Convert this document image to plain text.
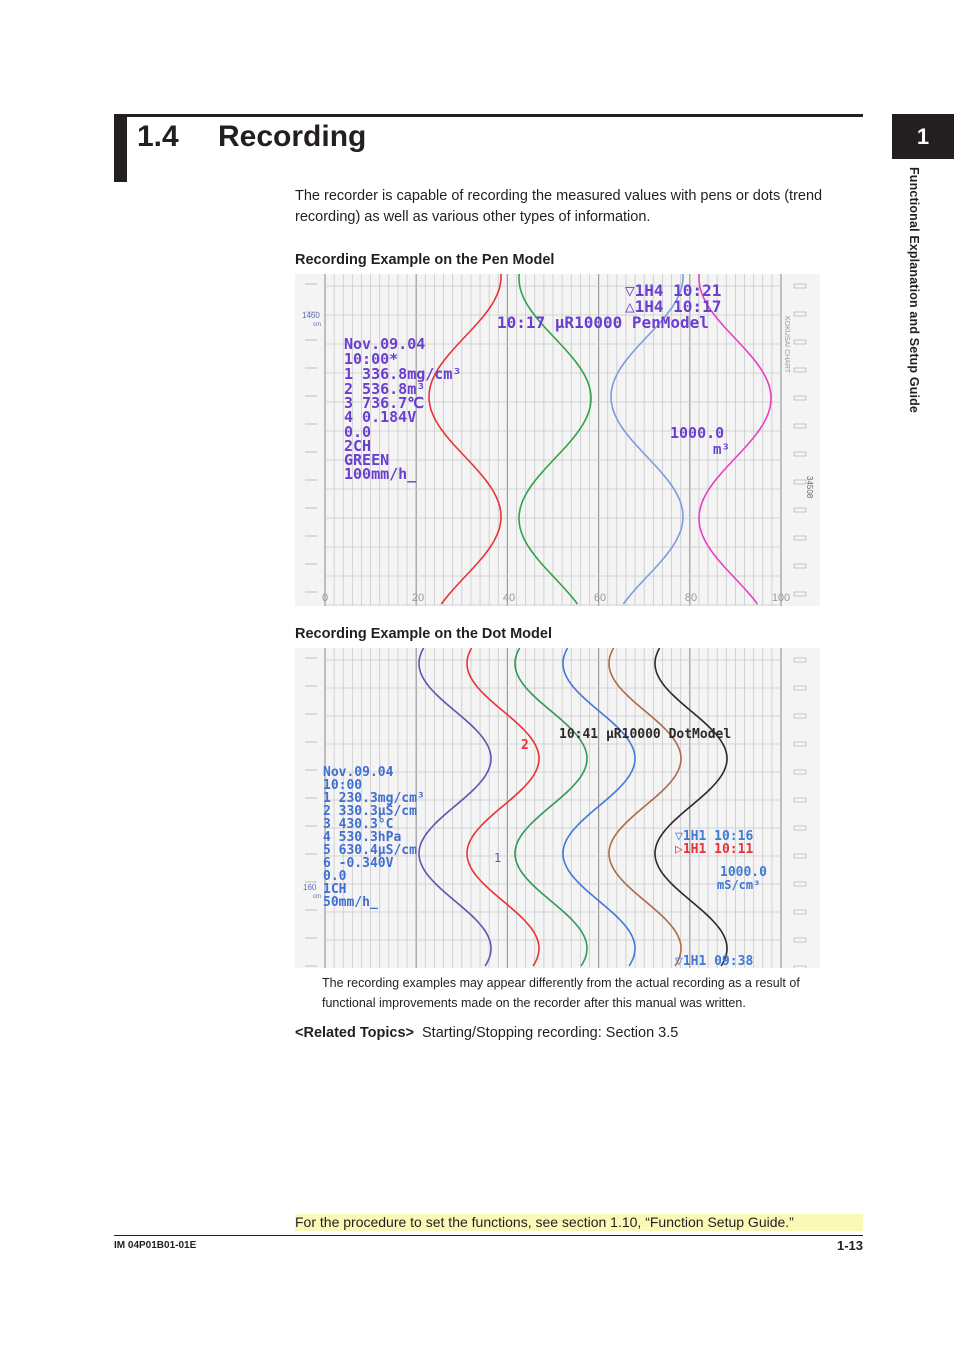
1.4 Recording	1
Functional Explanation and Setup Guide
The recorder is capable of recording the measured values with pens or dots (trend recording) as well as various other types of information.
Recording Example on the Pen Model
1460
cm	KOKUSAI CHART
34508
0	20	40	60	80	100
▽1H4 10:21
△1H4 10:17
10:17 μR10000 PenModel
Nov.09.04
10:00*
1 336.8mg/cm³
2 536.8m³
3 736.7℃
4 0.184V
0.0
2CH
GREEN
100mm/h_
1000.0
m³
Recording Example on the Dot Model
160
cm
10:41 μR10000 DotModel
2
1
Nov.09.04
10:00
1 230.3mg/cm³
2 330.3μS/cm
3 430.3°C
4 530.3hPa
5 630.4μS/cm
6 -0.340V
0.0
1CH
50mm/h_
▽1H1 10:16
▷1H1 10:11
1000.0
mS/cm³
▽1H1 09:38
The recording examples may appear differently from the actual recording as a result of functional improvements made on the recorder after this manual was written.
<Related Topics> Starting/Stopping recording: Section 3.5
For the procedure to set the functions, see section 1.10, “Function Setup Guide.”
IM 04P01B01-01E	1-13
